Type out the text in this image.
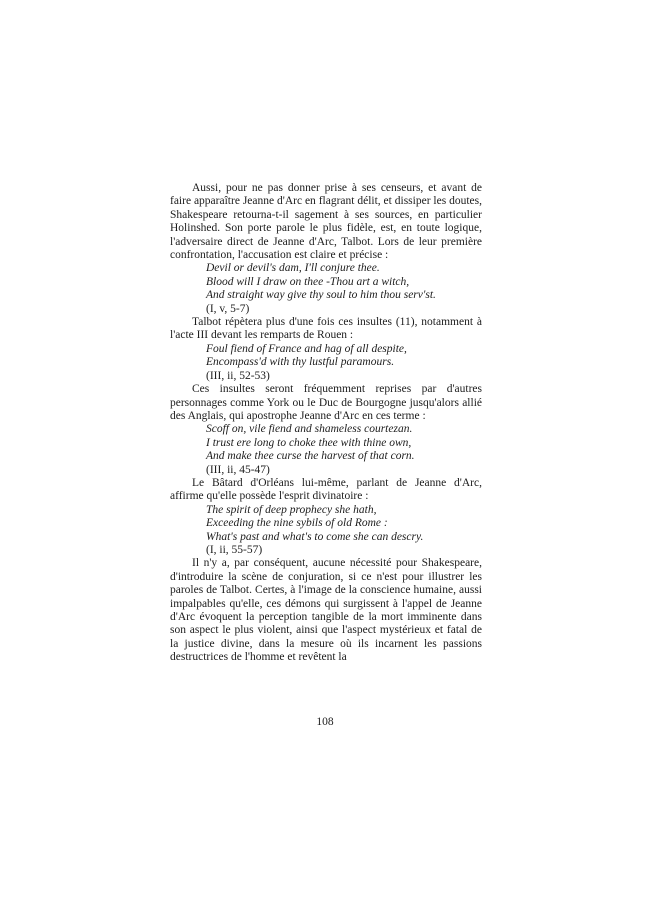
Aussi, pour ne pas donner prise à ses censeurs, et avant de faire apparaître Jeanne d'Arc en flagrant délit, et dissiper les doutes, Shakespeare retourna-t-il sagement à ses sources, en particulier Holinshed. Son porte parole le plus fidèle, est, en toute logique, l'adversaire direct de Jeanne d'Arc, Talbot. Lors de leur première confrontation, l'accusation est claire et précise :

Devil or devil's dam, I'll conjure thee.
Blood will I draw on thee -Thou art a witch,
And straight way give thy soul to him thou serv'st.
(I, v, 5-7)

Talbot répètera plus d'une fois ces insultes (11), notamment à l'acte III devant les remparts de Rouen :

Foul fiend of France and hag of all despite,
Encompass'd with thy lustful paramours.
(III, ii, 52-53)

Ces insultes seront fréquemment reprises par d'autres personnages comme York ou le Duc de Bourgogne jusqu'alors allié des Anglais, qui apostrophe Jeanne d'Arc en ces terme :

Scoff on, vile fiend and shameless courtezan.
I trust ere long to choke thee with thine own,
And make thee curse the harvest of that corn.
(III, ii, 45-47)

Le Bâtard d'Orléans lui-même, parlant de Jeanne d'Arc, affirme qu'elle possède l'esprit divinatoire :

The spirit of deep prophecy she hath,
Exceeding the nine sybils of old Rome :
What's past and what's to come she can descry.
(I, ii, 55-57)

Il n'y a, par conséquent, aucune nécessité pour Shakespeare, d'introduire la scène de conjuration, si ce n'est pour illustrer les paroles de Talbot. Certes, à l'image de la conscience humaine, aussi impalpables qu'elle, ces démons qui surgissent à l'appel de Jeanne d'Arc évoquent la perception tangible de la mort imminente dans son aspect le plus violent, ainsi que l'aspect mystérieux et fatal de la justice divine, dans la mesure où ils incarnent les passions destructrices de l'homme et revêtent la

108
